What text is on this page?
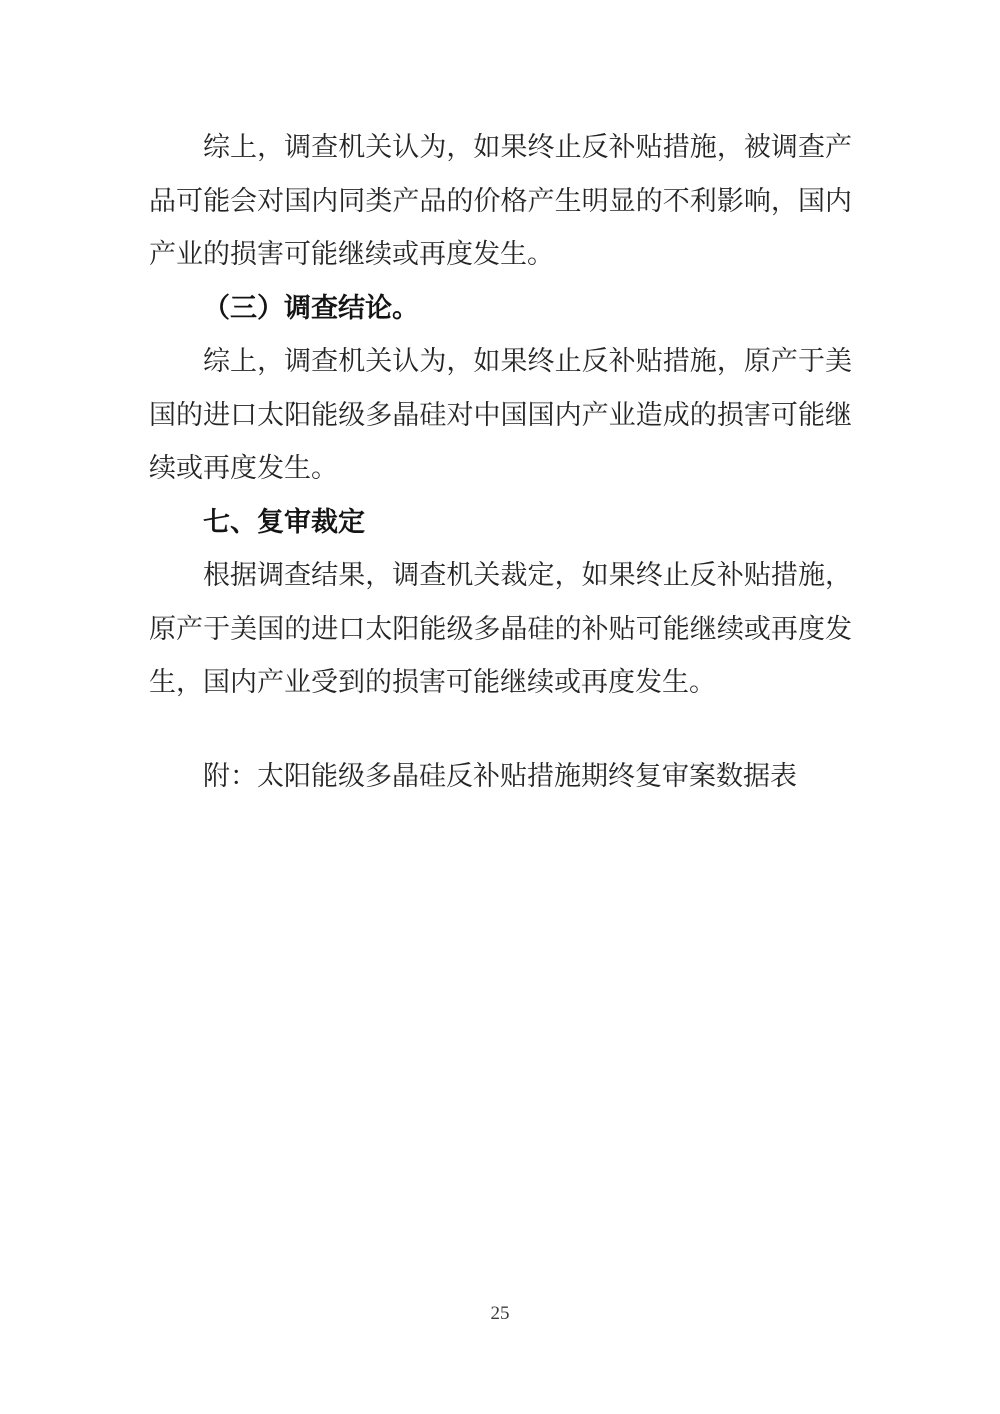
综上，调查机关认为，如果终止反补贴措施，被调查产品可能会对国内同类产品的价格产生明显的不利影响，国内产业的损害可能继续或再度发生。

（三）调查结论。

综上，调查机关认为，如果终止反补贴措施，原产于美国的进口太阳能级多晶硅对中国国内产业造成的损害可能继续或再度发生。

七、复审裁定

根据调查结果，调查机关裁定，如果终止反补贴措施，原产于美国的进口太阳能级多晶硅的补贴可能继续或再度发生，国内产业受到的损害可能继续或再度发生。

附：太阳能级多晶硅反补贴措施期终复审案数据表

25
